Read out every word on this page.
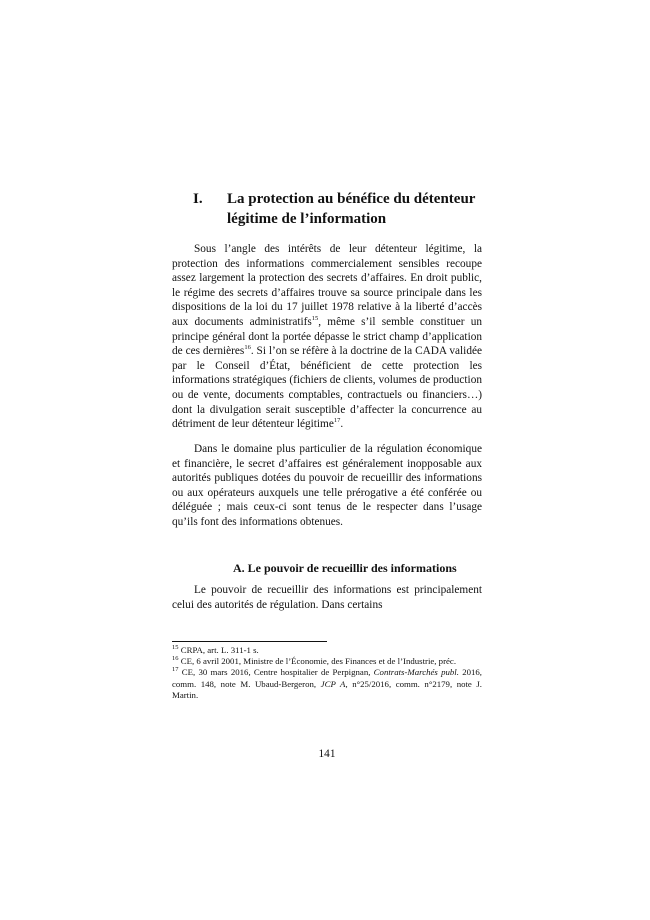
I. La protection au bénéfice du détenteur légitime de l’information

Sous l’angle des intérêts de leur détenteur légitime, la protection des informations commercialement sensibles recoupe assez largement la protection des secrets d’affaires. En droit public, le régime des secrets d’affaires trouve sa source principale dans les dispositions de la loi du 17 juillet 1978 relative à la liberté d’accès aux documents administratifs$^{15}$, même s’il semble constituer un principe général dont la portée dépasse le strict champ d’application de ces dernières$^{16}$. Si l’on se réfère à la doctrine de la CADA validée par le Conseil d’État, bénéficient de cette protection les informations stratégiques (fichiers de clients, volumes de production ou de vente, documents comptables, contractuels ou financiers…) dont la divulgation serait susceptible d’affecter la concurrence au détriment de leur détenteur légitime$^{17}$.

Dans le domaine plus particulier de la régulation économique et financière, le secret d’affaires est généralement inopposable aux autorités publiques dotées du pouvoir de recueillir des informations ou aux opérateurs auxquels une telle prérogative a été conférée ou déléguée ; mais ceux-ci sont tenus de le respecter dans l’usage qu’ils font des informations obtenues.

A. Le pouvoir de recueillir des informations

Le pouvoir de recueillir des informations est principalement celui des autorités de régulation. Dans certains

$^{15}$ CRPA, art. L. 311-1 s.

$^{16}$ CE, 6 avril 2001, Ministre de l’Économie, des Finances et de l’Industrie, préc.

$^{17}$ CE, 30 mars 2016, Centre hospitalier de Perpignan, Contrats-Marchés publ. 2016, comm. 148, note M. Ubaud-Bergeron, JCP A, n°25/2016, comm. n°2179, note J. Martin.

141
